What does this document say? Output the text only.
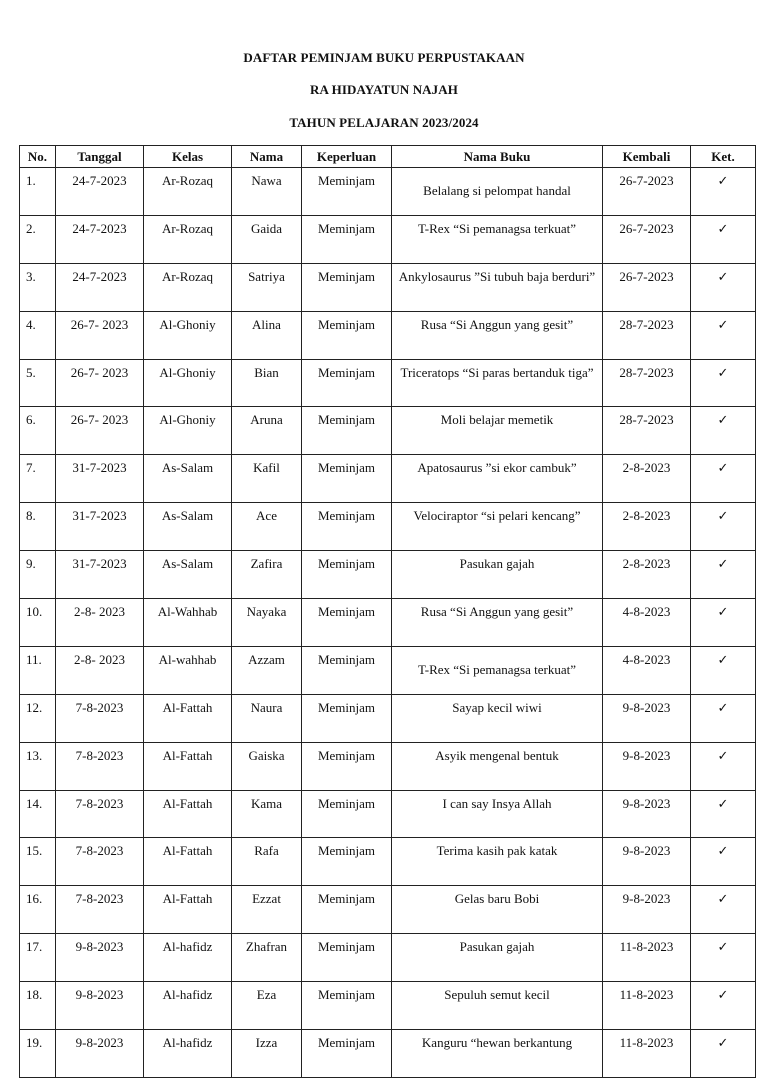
DAFTAR PEMINJAM BUKU PERPUSTAKAAN
RA HIDAYATUN NAJAH
TAHUN PELAJARAN 2023/2024
No.	Tanggal	Kelas	Nama	Keperluan	Nama Buku	Kembali	Ket.
1.	24-7-2023	Ar-Rozaq	Nawa	Meminjam	Belalang si pelompat handal	26-7-2023	✓
2.	24-7-2023	Ar-Rozaq	Gaida	Meminjam	T-Rex “Si pemanagsa terkuat”	26-7-2023	✓
3.	24-7-2023	Ar-Rozaq	Satriya	Meminjam	Ankylosaurus ”Si tubuh baja berduri”	26-7-2023	✓
4.	26-7- 2023	Al-Ghoniy	Alina	Meminjam	Rusa “Si Anggun yang gesit”	28-7-2023	✓
5.	26-7- 2023	Al-Ghoniy	Bian	Meminjam	Triceratops “Si paras bertanduk tiga”	28-7-2023	✓
6.	26-7- 2023	Al-Ghoniy	Aruna	Meminjam	Moli belajar memetik	28-7-2023	✓
7.	31-7-2023	As-Salam	Kafil	Meminjam	Apatosaurus ”si ekor cambuk”	2-8-2023	✓
8.	31-7-2023	As-Salam	Ace	Meminjam	Velociraptor “si pelari kencang”	2-8-2023	✓
9.	31-7-2023	As-Salam	Zafira	Meminjam	Pasukan gajah	2-8-2023	✓
10.	2-8- 2023	Al-Wahhab	Nayaka	Meminjam	Rusa “Si Anggun yang gesit”	4-8-2023	✓
11.	2-8- 2023	Al-wahhab	Azzam	Meminjam	T-Rex “Si pemanagsa terkuat”	4-8-2023	✓
12.	7-8-2023	Al-Fattah	Naura	Meminjam	Sayap kecil wiwi	9-8-2023	✓
13.	7-8-2023	Al-Fattah	Gaiska	Meminjam	Asyik mengenal bentuk	9-8-2023	✓
14.	7-8-2023	Al-Fattah	Kama	Meminjam	I can say Insya Allah	9-8-2023	✓
15.	7-8-2023	Al-Fattah	Rafa	Meminjam	Terima kasih pak katak	9-8-2023	✓
16.	7-8-2023	Al-Fattah	Ezzat	Meminjam	Gelas baru Bobi	9-8-2023	✓
17.	9-8-2023	Al-hafidz	Zhafran	Meminjam	Pasukan gajah	11-8-2023	✓
18.	9-8-2023	Al-hafidz	Eza	Meminjam	Sepuluh semut kecil	11-8-2023	✓
19.	9-8-2023	Al-hafidz	Izza	Meminjam	Kanguru “hewan berkantung	11-8-2023	✓
